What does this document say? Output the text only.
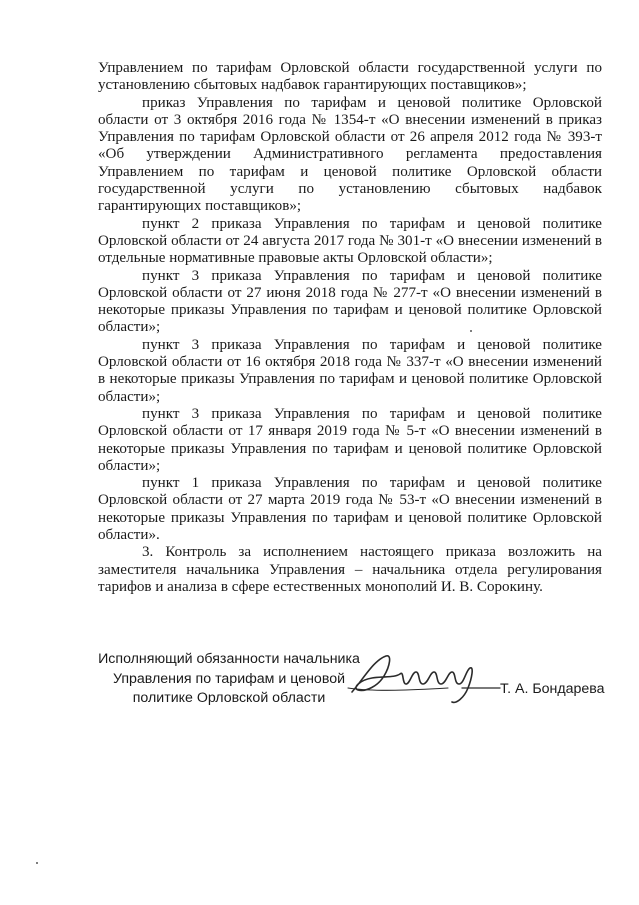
Управлением по тарифам Орловской области государственной услуги по установлению сбытовых надбавок гарантирующих поставщиков»;

приказ Управления по тарифам и ценовой политике Орловской области от 3 октября 2016 года № 1354-т «О внесении изменений в приказ Управления по тарифам Орловской области от 26 апреля 2012 года № 393-т «Об утверждении Административного регламента предоставления Управлением по тарифам и ценовой политике Орловской области государственной услуги по установлению сбытовых надбавок гарантирующих поставщиков»;

пункт 2 приказа Управления по тарифам и ценовой политике Орловской области от 24 августа 2017 года № 301-т «О внесении изменений в отдельные нормативные правовые акты Орловской области»;

пункт 3 приказа Управления по тарифам и ценовой политике Орловской области от 27 июня 2018 года № 277-т «О внесении изменений в некоторые приказы Управления по тарифам и ценовой политике Орловской области»;

пункт 3 приказа Управления по тарифам и ценовой политике Орловской области от 16 октября 2018 года № 337-т «О внесении изменений в некоторые приказы Управления по тарифам и ценовой политике Орловской области»;

пункт 3 приказа Управления по тарифам и ценовой политике Орловской области от 17 января 2019 года № 5-т «О внесении изменений в некоторые приказы Управления по тарифам и ценовой политике Орловской области»;

пункт 1 приказа Управления по тарифам и ценовой политике Орловской области от 27 марта 2019 года № 53-т «О внесении изменений в некоторые приказы Управления по тарифам и ценовой политике Орловской области».

3. Контроль за исполнением настоящего приказа возложить на заместителя начальника Управления – начальника отдела регулирования тарифов и анализа в сфере естественных монополий И. В. Сорокину.

Исполняющий обязанности начальника
Управления по тарифам и ценовой
политике Орловской области
Т. А. Бондарева
